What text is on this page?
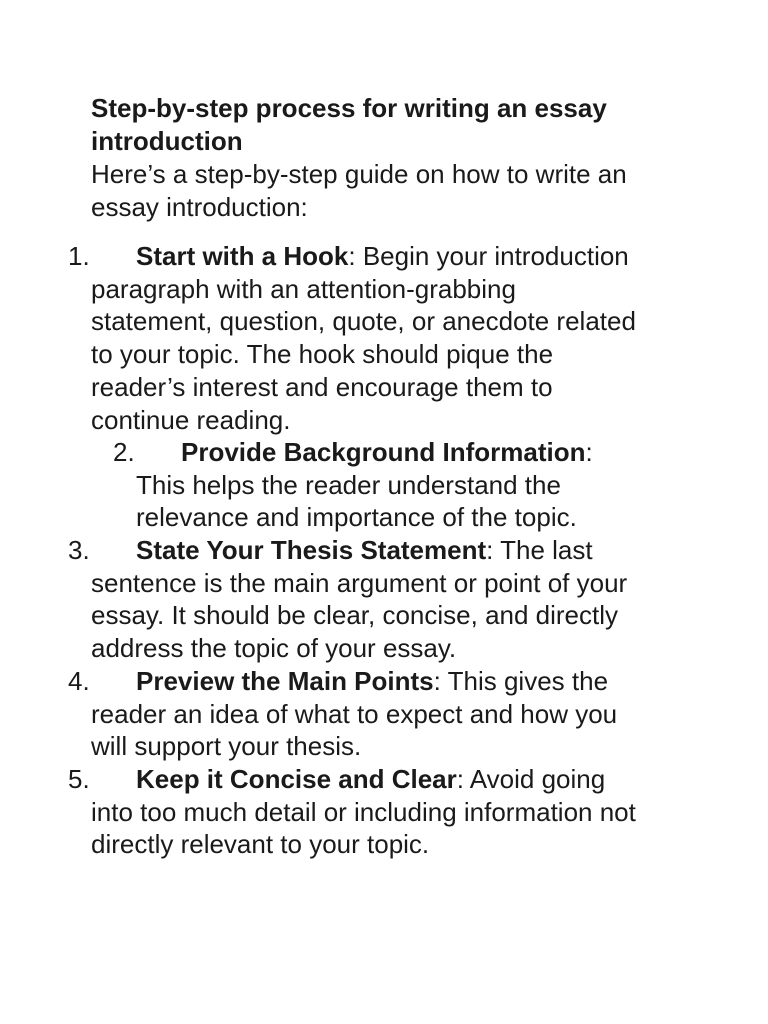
Step-by-step process for writing an essay introduction

Here’s a step-by-step guide on how to write an essay introduction:

1.	Start with a Hook: Begin your introduction
paragraph with an attention-grabbing
statement, question, quote, or anecdote related
to your topic. The hook should pique the
reader’s interest and encourage them to
continue reading.
2.	Provide Background Information:
This helps the reader understand the
relevance and importance of the topic.
3.	State Your Thesis Statement: The last
sentence is the main argument or point of your
essay. It should be clear, concise, and directly
address the topic of your essay.
4.	Preview the Main Points: This gives the
reader an idea of what to expect and how you
will support your thesis.
5.	Keep it Concise and Clear: Avoid going
into too much detail or including information not
directly relevant to your topic.
